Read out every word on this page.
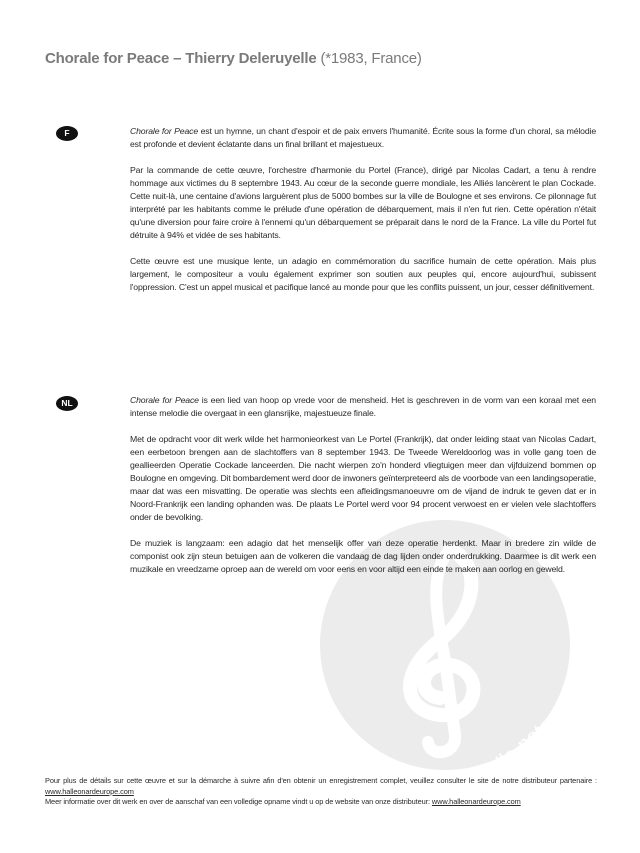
Chorale for Peace – Thierry Deleruyelle (*1983, France)
alle-noten.de
F	Chorale for Peace est un hymne, un chant d'espoir et de paix envers l'humanité. Écrite sous la forme d'un choral, sa mélodie est profonde et devient éclatante dans un final brillant et majestueux.

Par la commande de cette œuvre, l'orchestre d'harmonie du Portel (France), dirigé par Nicolas Cadart, a tenu à rendre hommage aux victimes du 8 septembre 1943. Au cœur de la seconde guerre mondiale, les Alliés lancèrent le plan Cockade. Cette nuit-là, une centaine d'avions larguèrent plus de 5000 bombes sur la ville de Boulogne et ses environs. Ce pilonnage fut interprété par les habitants comme le prélude d'une opération de débarquement, mais il n'en fut rien. Cette opération n'était qu'une diversion pour faire croire à l'ennemi qu'un débarquement se préparait dans le nord de la France. La ville du Portel fut détruite à 94% et vidée de ses habitants.

Cette œuvre est une musique lente, un adagio en commémoration du sacrifice humain de cette opération. Mais plus largement, le compositeur a voulu également exprimer son soutien aux peuples qui, encore aujourd'hui, subissent l'oppression. C'est un appel musical et pacifique lancé au monde pour que les conflits puissent, un jour, cesser définitivement.

NL	Chorale for Peace is een lied van hoop op vrede voor de mensheid. Het is geschreven in de vorm van een koraal met een intense melodie die overgaat in een glansrijke, majestueuze finale.

Met de opdracht voor dit werk wilde het harmonieorkest van Le Portel (Frankrijk), dat onder leiding staat van Nicolas Cadart, een eerbetoon brengen aan de slachtoffers van 8 september 1943. De Tweede Wereldoorlog was in volle gang toen de geallieerden Operatie Cockade lanceerden. Die nacht wierpen zo'n honderd vliegtuigen meer dan vijfduizend bommen op Boulogne en omgeving. Dit bombardement werd door de inwoners geïnterpreteerd als de voorbode van een landingsoperatie, maar dat was een misvatting. De operatie was slechts een afleidingsmanoeuvre om de vijand de indruk te geven dat er in Noord-Frankrijk een landing ophanden was. De plaats Le Portel werd voor 94 procent verwoest en er vielen vele slachtoffers onder de bevolking.

De muziek is langzaam: een adagio dat het menselijk offer van deze operatie herdenkt. Maar in bredere zin wilde de componist ook zijn steun betuigen aan de volkeren die vandaag de dag lijden onder onderdrukking. Daarmee is dit werk een muzikale en vreedzame oproep aan de wereld om voor eens en voor altijd een einde te maken aan oorlog en geweld.

Pour plus de détails sur cette œuvre et sur la démarche à suivre afin d'en obtenir un enregistrement complet, veuillez consulter le site de notre distributeur partenaire : www.halleonardeurope.com
Meer informatie over dit werk en over de aanschaf van een volledige opname vindt u op de website van onze distributeur: www.halleonardeurope.com
